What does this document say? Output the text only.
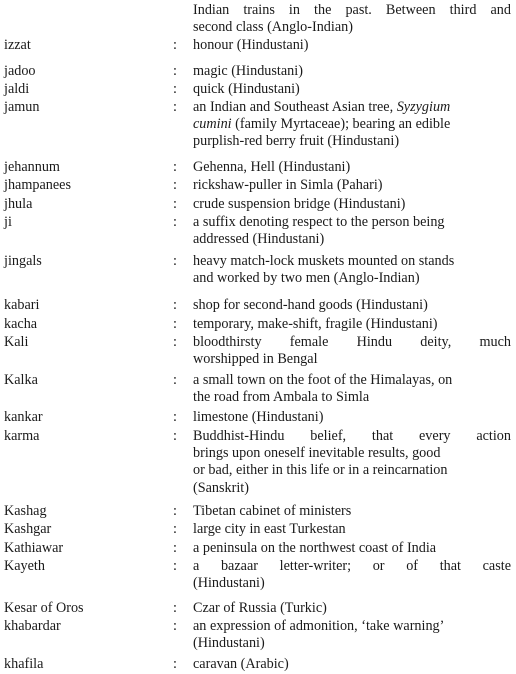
Indian trains in the past. Between third and
second class (Anglo-Indian)
izzat	: honour (Hindustani)
jadoo	: magic (Hindustani)
jaldi	: quick (Hindustani)
jamun	: an Indian and Southeast Asian tree, Syzygium
cumini (family Myrtaceae); bearing an edible
purplish-red berry fruit (Hindustani)
jehannum	: Gehenna, Hell (Hindustani)
jhampanees	: rickshaw-puller in Simla (Pahari)
jhula	: crude suspension bridge (Hindustani)
ji	: a suffix denoting respect to the person being
addressed (Hindustani)
jingals	: heavy match-lock muskets mounted on stands
and worked by two men (Anglo-Indian)
kabari	: shop for second-hand goods (Hindustani)
kacha	: temporary, make-shift, fragile (Hindustani)
Kali	: bloodthirsty female Hindu deity, much
worshipped in Bengal
Kalka	: a small town on the foot of the Himalayas, on
the road from Ambala to Simla
kankar	: limestone (Hindustani)
karma	: Buddhist-Hindu belief, that every action
brings upon oneself inevitable results, good
or bad, either in this life or in a reincarnation
(Sanskrit)
Kashag	: Tibetan cabinet of ministers
Kashgar	: large city in east Turkestan
Kathiawar	: a peninsula on the northwest coast of India
Kayeth	: a bazaar letter-writer; or of that caste
(Hindustani)
Kesar of Oros	: Czar of Russia (Turkic)
khabardar	: an expression of admonition, ‘take warning’
(Hindustani)
khafila	: caravan (Arabic)
